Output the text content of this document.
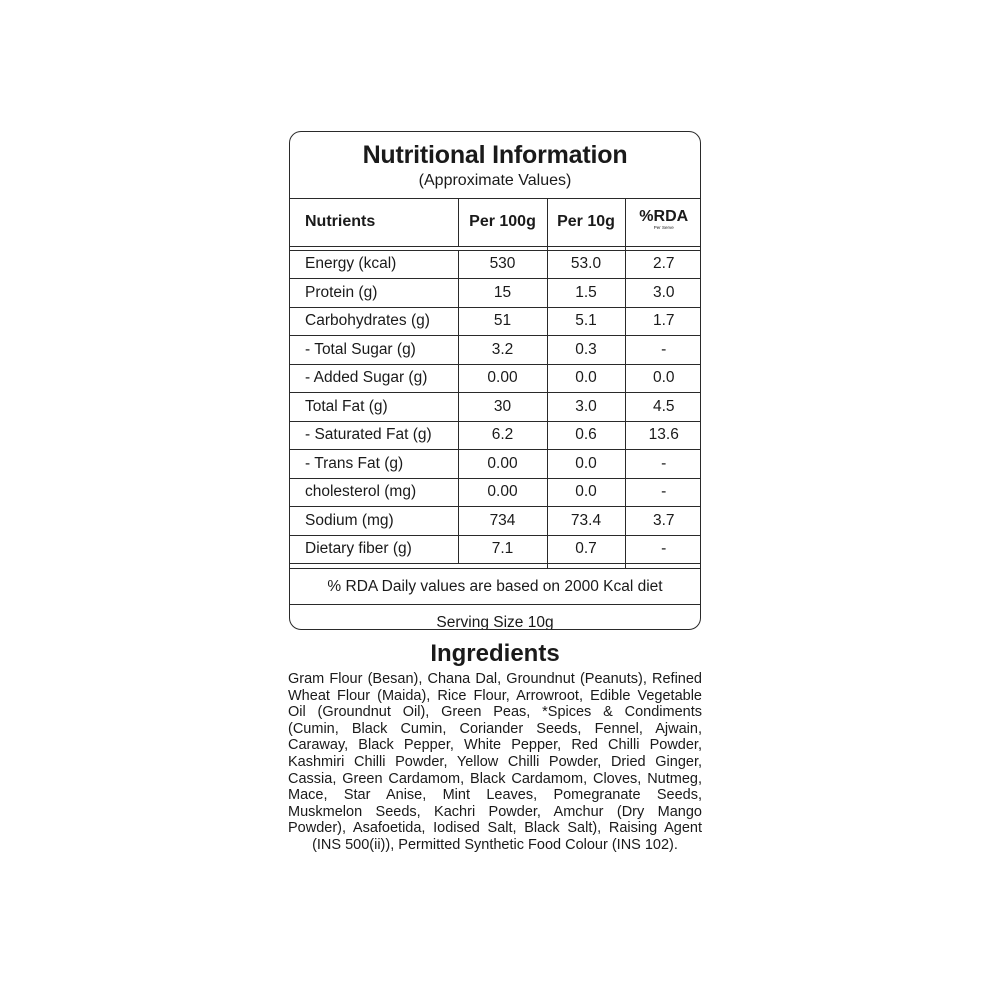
Nutritional Information
(Approximate Values)
Nutrients	Per 100g	Per 10g	%RDA
Per Serve

Energy (kcal)	530	53.0	2.7
Protein (g)	15	1.5	3.0
Carbohydrates (g)	51	5.1	1.7
- Total Sugar (g)	3.2	0.3	-
- Added Sugar (g)	0.00	0.0	0.0
Total Fat (g)	30	3.0	4.5
- Saturated Fat (g)	6.2	0.6	13.6
- Trans Fat (g)	0.00	0.0	-
cholesterol (mg)	0.00	0.0	-
Sodium (mg)	734	73.4	3.7
Dietary fiber (g)	7.1	0.7	-

% RDA Daily values are based on 2000 Kcal diet
Serving Size 10g
Ingredients
Gram Flour (Besan), Chana Dal, Groundnut (Peanuts), Refined Wheat Flour (Maida), Rice Flour, Arrowroot, Edible Vegetable Oil (Groundnut Oil), Green Peas, *Spices & Condiments (Cumin, Black Cumin, Coriander Seeds, Fennel, Ajwain, Caraway, Black Pepper, White Pepper, Red Chilli Powder, Kashmiri Chilli Powder, Yellow Chilli Powder, Dried Ginger, Cassia, Green Cardamom, Black Cardamom, Cloves, Nutmeg, Mace, Star Anise, Mint Leaves, Pomegranate Seeds, Muskmelon Seeds, Kachri Powder, Amchur (Dry Mango Powder), Asafoetida, Iodised Salt, Black Salt), Raising Agent (INS 500(ii)), Permitted Synthetic Food Colour (INS 102).
